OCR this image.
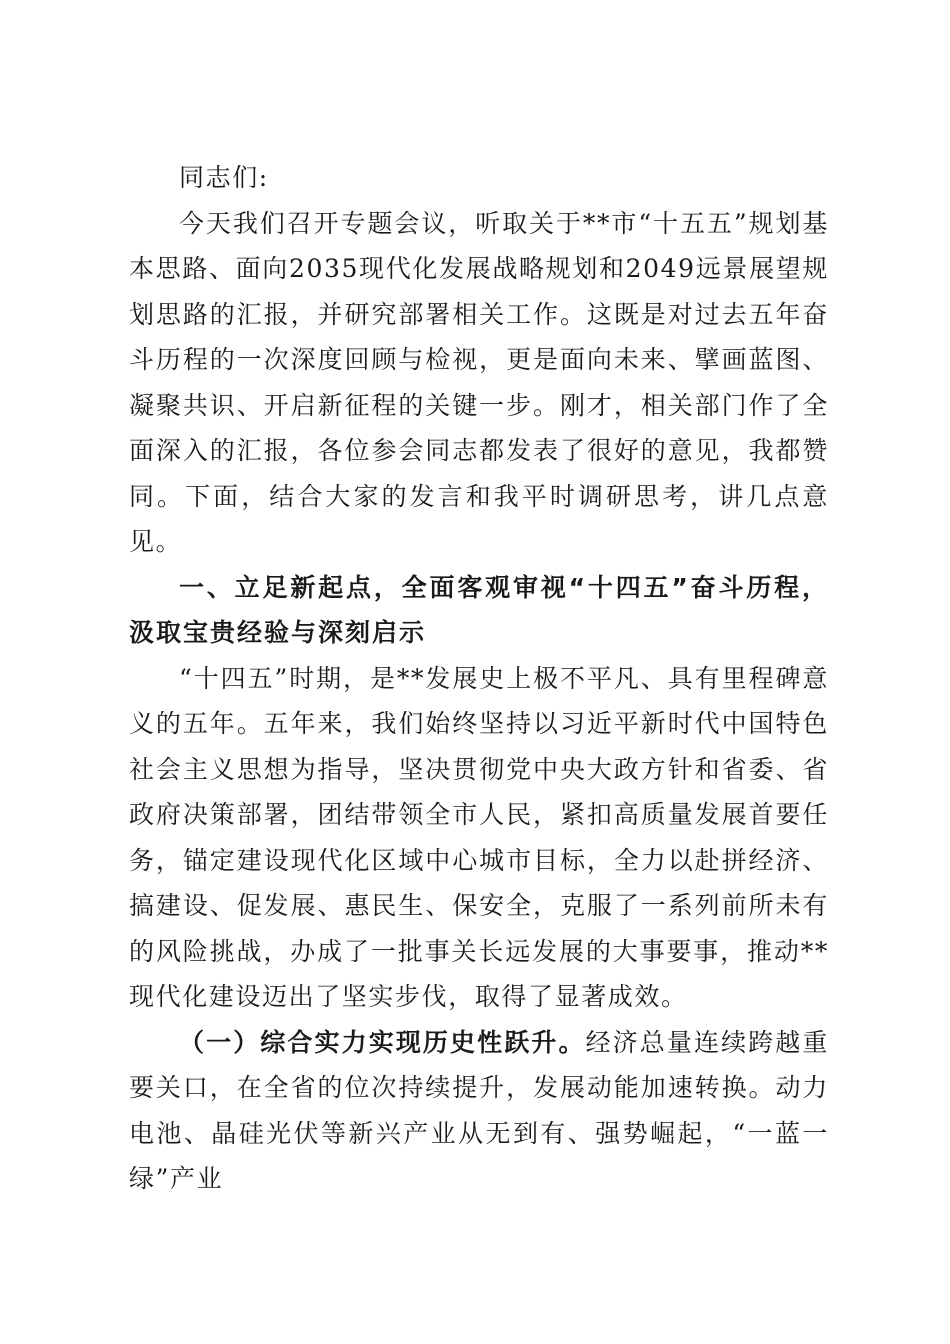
同志们:

今天我们召开专题会议，听取关于**市“十五五”规划基本思路、面向2035现代化发展战略规划和2049远景展望规划思路的汇报，并研究部署相关工作。这既是对过去五年奋斗历程的一次深度回顾与检视，更是面向未来、擘画蓝图、凝聚共识、开启新征程的关键一步。刚才，相关部门作了全面深入的汇报，各位参会同志都发表了很好的意见，我都赞同。下面，结合大家的发言和我平时调研思考，讲几点意见。

一、立足新起点，全面客观审视“十四五”奋斗历程，汲取宝贵经验与深刻启示

“十四五”时期，是**发展史上极不平凡、具有里程碑意义的五年。五年来，我们始终坚持以习近平新时代中国特色社会主义思想为指导，坚决贯彻党中央大政方针和省委、省政府决策部署，团结带领全市人民，紧扣高质量发展首要任务，锚定建设现代化区域中心城市目标，全力以赴拼经济、搞建设、促发展、惠民生、保安全，克服了一系列前所未有的风险挑战，办成了一批事关长远发展的大事要事，推动**现代化建设迈出了坚实步伐，取得了显著成效。

（一）综合实力实现历史性跃升。经济总量连续跨越重要关口，在全省的位次持续提升，发展动能加速转换。动力电池、晶硅光伏等新兴产业从无到有、强势崛起，“一蓝一绿”产业
